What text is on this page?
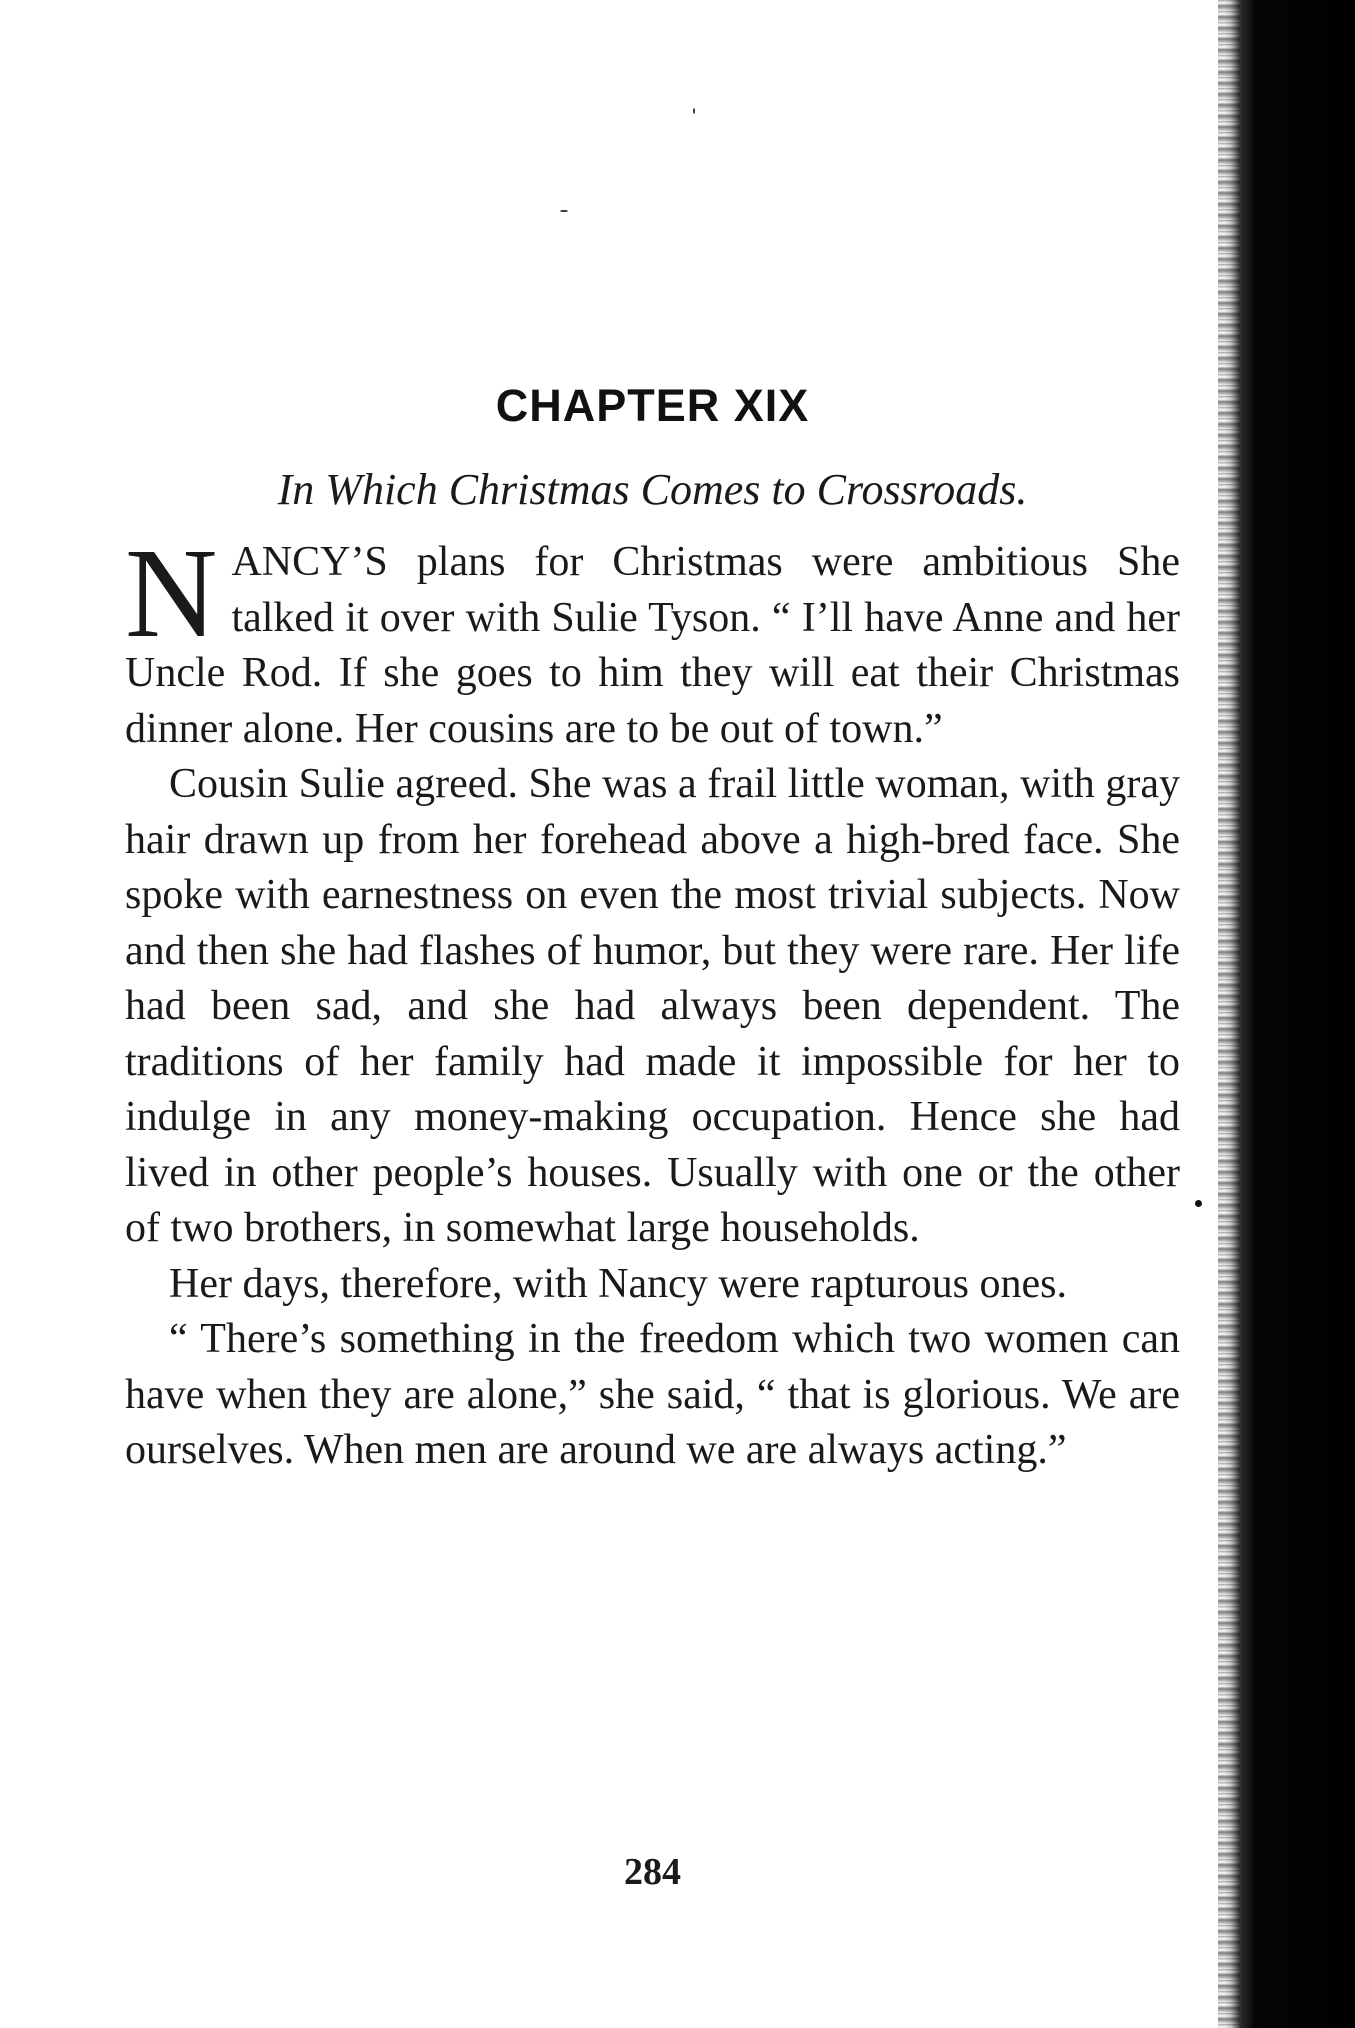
CHAPTER XIX
In Which Christmas Comes to Crossroads.

NANCY’S plans for Christmas were ambitious She talked it over with Sulie Tyson. “ I’ll have Anne and her Uncle Rod. If she goes to him they will eat their Christmas dinner alone. Her cousins are to be out of town.”

Cousin Sulie agreed. She was a frail little woman, with gray hair drawn up from her forehead above a high-bred face. She spoke with earnestness on even the most trivial subjects. Now and then she had flashes of humor, but they were rare. Her life had been sad, and she had always been dependent. The traditions of her family had made it impossible for her to indulge in any money-making occupation. Hence she had lived in other people’s houses. Usually with one or the other of two brothers, in somewhat large households.

Her days, therefore, with Nancy were rapturous ones.

“ There’s something in the freedom which two women can have when they are alone,” she said, “ that is glorious. We are ourselves. When men are around we are always acting.”

284
